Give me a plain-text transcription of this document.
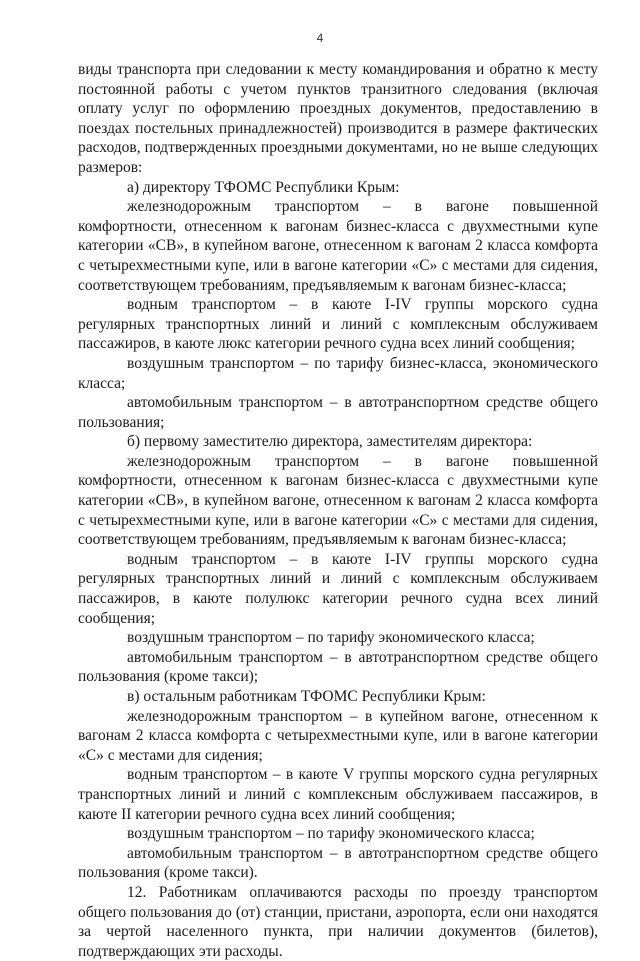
4

виды транспорта при следовании к месту командирования и обратно к месту постоянной работы с учетом пунктов транзитного следования (включая оплату услуг по оформлению проездных документов, предоставлению в поездах постельных принадлежностей) производится в размере фактических расходов, подтвержденных проездными документами, но не выше следующих размеров:

а) директору ТФОМС Республики Крым:

железнодорожным транспортом – в вагоне повышенной комфортности, отнесенном к вагонам бизнес-класса с двухместными купе категории «СВ», в купейном вагоне, отнесенном к вагонам 2 класса комфорта с четырехместными купе, или в вагоне категории «С» с местами для сидения, соответствующем требованиям, предъявляемым к вагонам бизнес-класса;

водным транспортом – в каюте I-IV группы морского судна регулярных транспортных линий и линий с комплексным обслуживаем пассажиров, в каюте люкс категории речного судна всех линий сообщения;

воздушным транспортом – по тарифу бизнес-класса, экономического класса;

автомобильным транспортом – в автотранспортном средстве общего пользования;

б) первому заместителю директора, заместителям директора:

железнодорожным транспортом – в вагоне повышенной комфортности, отнесенном к вагонам бизнес-класса с двухместными купе категории «СВ», в купейном вагоне, отнесенном к вагонам 2 класса комфорта с четырехместными купе, или в вагоне категории «С» с местами для сидения, соответствующем требованиям, предъявляемым к вагонам бизнес-класса;

водным транспортом – в каюте I-IV группы морского судна регулярных транспортных линий и линий с комплексным обслуживаем пассажиров, в каюте полулюкс категории речного судна всех линий сообщения;

воздушным транспортом – по тарифу экономического класса;

автомобильным транспортом – в автотранспортном средстве общего пользования (кроме такси);

в) остальным работникам ТФОМС Республики Крым:

железнодорожным транспортом – в купейном вагоне, отнесенном к вагонам 2 класса комфорта с четырехместными купе, или в вагоне категории «С» с местами для сидения;

водным транспортом – в каюте V группы морского судна регулярных транспортных линий и линий с комплексным обслуживаем пассажиров, в каюте II категории речного судна всех линий сообщения;

воздушным транспортом – по тарифу экономического класса;

автомобильным транспортом – в автотранспортном средстве общего пользования (кроме такси).

12. Работникам оплачиваются расходы по проезду транспортом общего пользования до (от) станции, пристани, аэропорта, если они находятся за чертой населенного пункта, при наличии документов (билетов), подтверждающих эти расходы.
